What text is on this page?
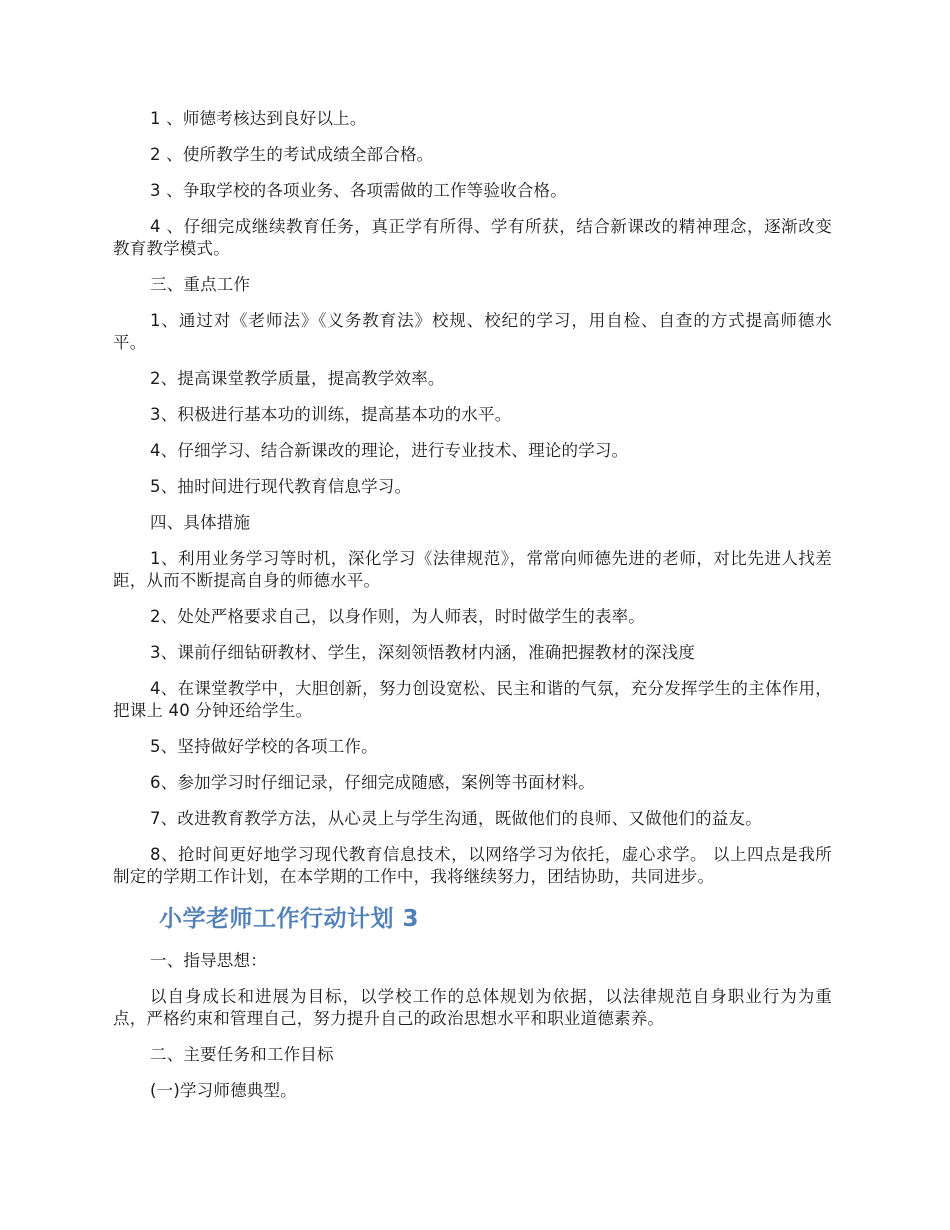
1 、师德考核达到良好以上。

2 、使所教学生的考试成绩全部合格。

3 、争取学校的各项业务、各项需做的工作等验收合格。

4 、仔细完成继续教育任务，真正学有所得、学有所获，结合新课改的精神理念，逐渐改变教育教学模式。

三、重点工作

1、通过对《老师法》《义务教育法》校规、校纪的学习，用自检、自查的方式提高师德水平。

2、提高课堂教学质量，提高教学效率。

3、积极进行基本功的训练，提高基本功的水平。

4、仔细学习、结合新课改的理论，进行专业技术、理论的学习。

5、抽时间进行现代教育信息学习。

四、具体措施

1、利用业务学习等时机，深化学习《法律规范》，常常向师德先进的老师，对比先进人找差距，从而不断提高自身的师德水平。

2、处处严格要求自己，以身作则，为人师表，时时做学生的表率。

3、课前仔细钻研教材、学生，深刻领悟教材内涵，准确把握教材的深浅度

4、在课堂教学中，大胆创新，努力创设宽松、民主和谐的气氛，充分发挥学生的主体作用，把课上 40 分钟还给学生。

5、坚持做好学校的各项工作。

6、参加学习时仔细记录，仔细完成随感，案例等书面材料。

7、改进教育教学方法，从心灵上与学生沟通，既做他们的良师、又做他们的益友。

8、抢时间更好地学习现代教育信息技术，以网络学习为依托，虚心求学。 以上四点是我所制定的学期工作计划，在本学期的工作中，我将继续努力，团结协助，共同进步。

小学老师工作行动计划 3

一、指导思想：

以自身成长和进展为目标，以学校工作的总体规划为依据，以法律规范自身职业行为为重点，严格约束和管理自己，努力提升自己的政治思想水平和职业道德素养。

二、主要任务和工作目标

(一)学习师德典型。
